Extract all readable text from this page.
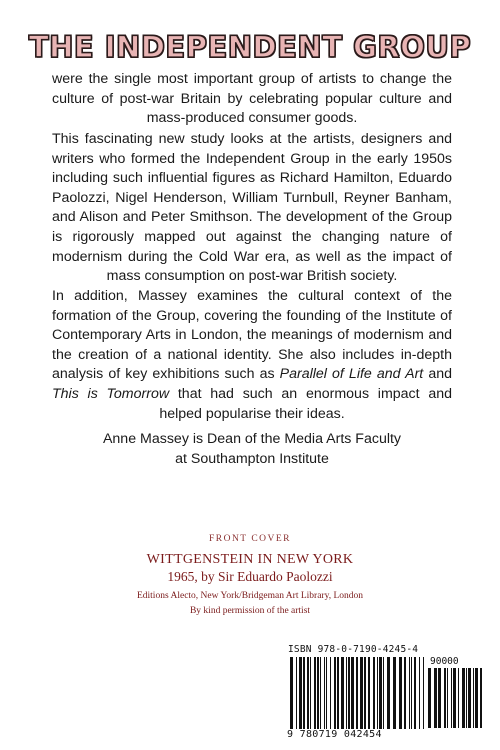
THE INDEPENDENT GROUP

were the single most important group of artists to change the culture of post-war Britain by celebrating popular culture and mass-produced consumer goods.

This fascinating new study looks at the artists, designers and writers who formed the Independent Group in the early 1950s including such influential figures as Richard Hamilton, Eduardo Paolozzi, Nigel Henderson, William Turnbull, Reyner Banham, and Alison and Peter Smithson. The development of the Group is rigorously mapped out against the changing nature of modernism during the Cold War era, as well as the impact of mass consumption on post-war British society.

In addition, Massey examines the cultural context of the formation of the Group, covering the founding of the Institute of Contemporary Arts in London, the meanings of modernism and the creation of a national identity. She also includes in-depth analysis of key exhibitions such as Parallel of Life and Art and This is Tomorrow that had such an enormous impact and helped popularise their ideas.

Anne Massey is Dean of the Media Arts Faculty
at Southampton Institute
FRONT COVER
WITTGENSTEIN IN NEW YORK
1965, by Sir Eduardo Paolozzi
Editions Alecto, New York/Bridgeman Art Library, London
By kind permission of the artist
ISBN 978-0-7190-4245-4
90000
9 780719 042454
